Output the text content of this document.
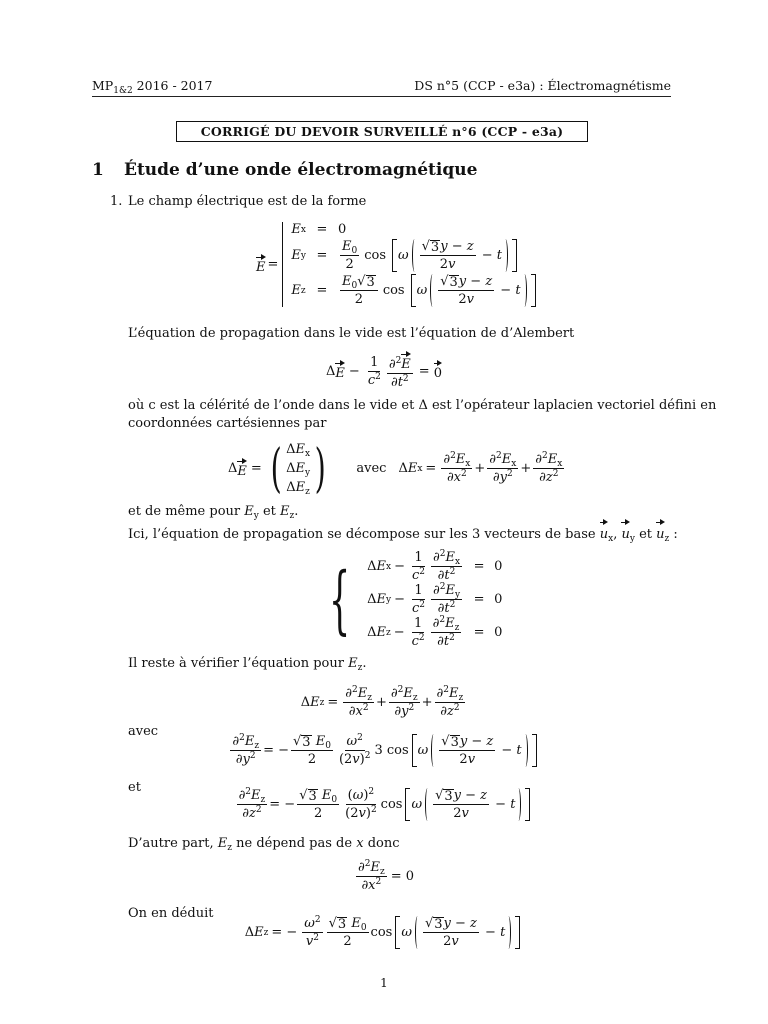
$MP_{1\&2}$ 2016 - 2017	DS n°5 (CCP - e3a) : Électromagnétisme
CORRIGÉ DU DEVOIR SURVEILLÉ n°6 (CCP - e3a)
1 Étude d’une onde électromagnétique
1. Le champ électrique est de la forme
E =
E x = 0
E y =
$E_0$
2
cos ω
√ 3 y − z
2v
− t
E z =
$E_0$ √ 3
2
cos ω
√ 3 y − z
2v
− t
L’équation de propagation dans le vide est l’équation de d’Alembert
Δ $E - \frac{1}{c^2} \frac{\partial^2E}{\partial t^2} = 0$
où c est la célérité de l’onde dans le vide et Δ est l’opérateur laplacien vectoriel défini en
coordonnées cartésiennes par
Δ E = ( $\Delta E_x$
$\Delta E_y$
$\Delta E_z$ ) avec Δ E $x = \frac{\partial^2E_x}{\partial x^2}$ +
$\partial^2E_x$
$\partial y^2$ +
$\partial^2E_x$
$\partial z^2$
et de même pour $E_y$ et $E_z$.
Ici, l’équation de propagation se décompose sur les 3 vecteurs de base $u_x$, $u_y$ et $u_z$ :
{ Δ E $x - \frac{1}{c^2} \partial^2E_x$
$\partial t^2$	= 0
Δ E $y - \frac{1}{c^2} \partial^2E_y$
$\partial t^2$	= 0
Δ E $z - \frac{1}{c^2} \partial^2E_z$
$\partial t^2$	= 0
Il reste à vérifier l’équation pour $E_z$.
Δ E $z = \frac{\partial^2E_z}{\partial x^2}$ +
$\partial^2E_z$
$\partial y^2$ +
$\partial^2E_z$
$\partial z^2$
avec
$\partial^2E_z$
$\partial y^2$ = −
√ 3 $E_0$
2
$\omega^2$
$(2v)^2$ 3 cos ω
√ 3 y − z
2v
− t
et
$\partial^2E_z$
$\partial z^2$ = −
√ 3 $E_0$
2
$(\omega)^2$
$(2v)^2$ cos ω
√ 3 y − z
2v
− t
D’autre part, $E_z$ ne dépend pas de x donc
$\frac{\partial^2E_z}{\partial x^2} = 0$
On en déduit
Δ E z = − $\frac{\omega^2}{v^2}$ √ 3 $E_0$
2
cos ω
√ 3 y − z
2v
− t
1
